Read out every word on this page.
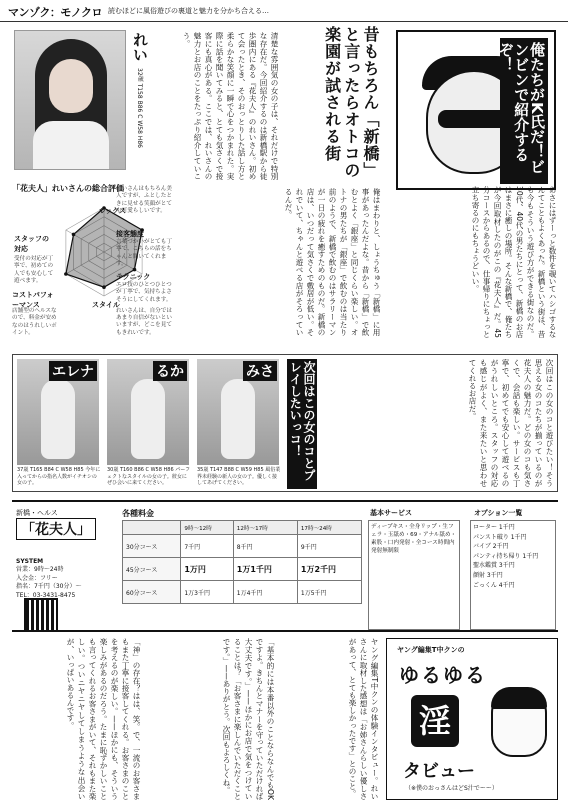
マンゾク：モノクロ 読むほどに風俗遊びの裏道と魅力を分かち合える…
れい
32歳 T158 B86 C W58 H86	清楚な雰囲気の女の子は、それだけで特別な存在だ。今回紹介するのは新橋駅から徒歩圏内にある『花夫人』のれいさん。初めて会ったとき、そのおっとりした話し方と柔らかな笑顔に一瞬で心をつかまれた。実際に話を聞いてみると、とても気さくで接客にも真心がある。ここでは、れいさんの魅力とお店のことをたっぷり紹介していこう。	昔もちろん「新橋」と言ったらオトコの楽園が試される街	俺たちがK氏だ！ビンビンで紹介するぞ！
「花夫人」れいさんの総合評価
ルックス
スタッフの対応
受付の対応が丁寧で、初めての人でも安心して遊べます。
コストパフォーマンス
店舗型のヘルスなので、料金が安めなのはうれしいポイント。
スタイル
れいさんはもちろん美人ですが、ふとしたときに見せる笑顔がとても可愛らしいです。
接客態度
言葉づかいがとても丁寧で、こちらの話をちゃんと聞いてくれます。
テクニック
エロ技のひとつひとつが丁寧で、気持ちよさそうにしてくれます。
れいさんは、自分ではあまり自信がないといいますが、どこを見てもきれいです。	俺はまわりと、しょうちゅう「新橋」に用事があったんだよな。昔から「新橋」で飲むとよく「銀座」と同じくらい楽しい。オトナの男たちが「銀座」で飲むのは当たり前のようで、新橋で飲むのはサラリーマンが一日の疲れを癒すためのものだ。新橋の店は、いつだって気さくで敷居が低い。それでいて、ちゃんと遊べる店がそろっているんだ。	あさにはずーっと数件を覗いてハシゴするなんてこともよくあった。新橋という街は、昔も今もそういう遊び方ができる街なのだ。30代、40代の男たちにとって、新橋のお店はまさに癒しの場所。そんな新橋で、俺たちが今回取材したのがこの『花夫人』だ。45分コースからあるので、仕事帰りにちょっと立ち寄るのにもちょうどいい。
エレナ
37歳 T165 B84 C W58 H85 今年に入ってからの指名人数がイチオシの女の子。
るか
30歳 T160 B86 C W58 H86 パーフェクトなスタイルの女の子。彼女にぜひ会いに来てください。
みさ
35歳 T147 B88 C W59 H85 風俗業界未経験の新人の女の子。優しく接してあげてください。
次回はこの女のコとプレイしたいっコ！	次回はこの女のコと遊びたい！そう思える女のコたちが揃っているのが花夫人の魅力だ。どの女のコも気さくで、会話も楽しい。サービスも丁寧で、初めてでも安心して遊べるのがうれしいところ。スタッフの対応も感じがよく、また来たいと思わせてくれるお店だ。
新橋・ヘルス
「花夫人」
SYSTEM
営業：9時〜24時
入会金：フリー
指名：7千円（30分）〜
TEL：03-3431-8475
各種料金
	9時〜12時	12時〜17時	17時〜24時
30分コース	7千円	8千円	9千円
45分コース	1万円	1万1千円	1万2千円
60分コース	1万3千円	1万4千円	1万5千円
基本サービス
ディープキス・全身リップ・生フェラ・玉舐め・69・アナル舐め・素股・口内発射・全コース時間内発射無制限
オプション一覧
ローター 1千円
パンスト破り 1千円
バイブ 2千円
パンティ持ち帰り 1千円
聖水鑑賞 3千円
顔射 3千円
ごっくん 4千円
「神」の存在？はは、笑。で、一流のお客さまもまた丁寧に接客してくれる。お客さまのことを考えるのが楽しい。——ほかにも、そういう楽しみがあるのだろう。たまに恥ずかしいことも言ってくれるお客さまがいて、それもまた楽しい。ついニヤニヤしてしまうような出会いが、いっぱいあるんです。	「基本的には本番以外のことならなんでもOKですよ。きちんとマナーを守っていただければ大丈夫です。」——ほかにお店で気をつけていることは？「お客さまに楽しんでいただくことです。」——ありがとう。次回もよろしくね。	ヤング編集T中クンの体験インタビュー。れいさんに取材した感想は「お姉さんらしい優しさがあって、とても楽しかったです」とのこと。	ヤング編集T中クンの
ゆるゆる
淫
タビュー
（※僕のおっさんはどS汁でーー）
